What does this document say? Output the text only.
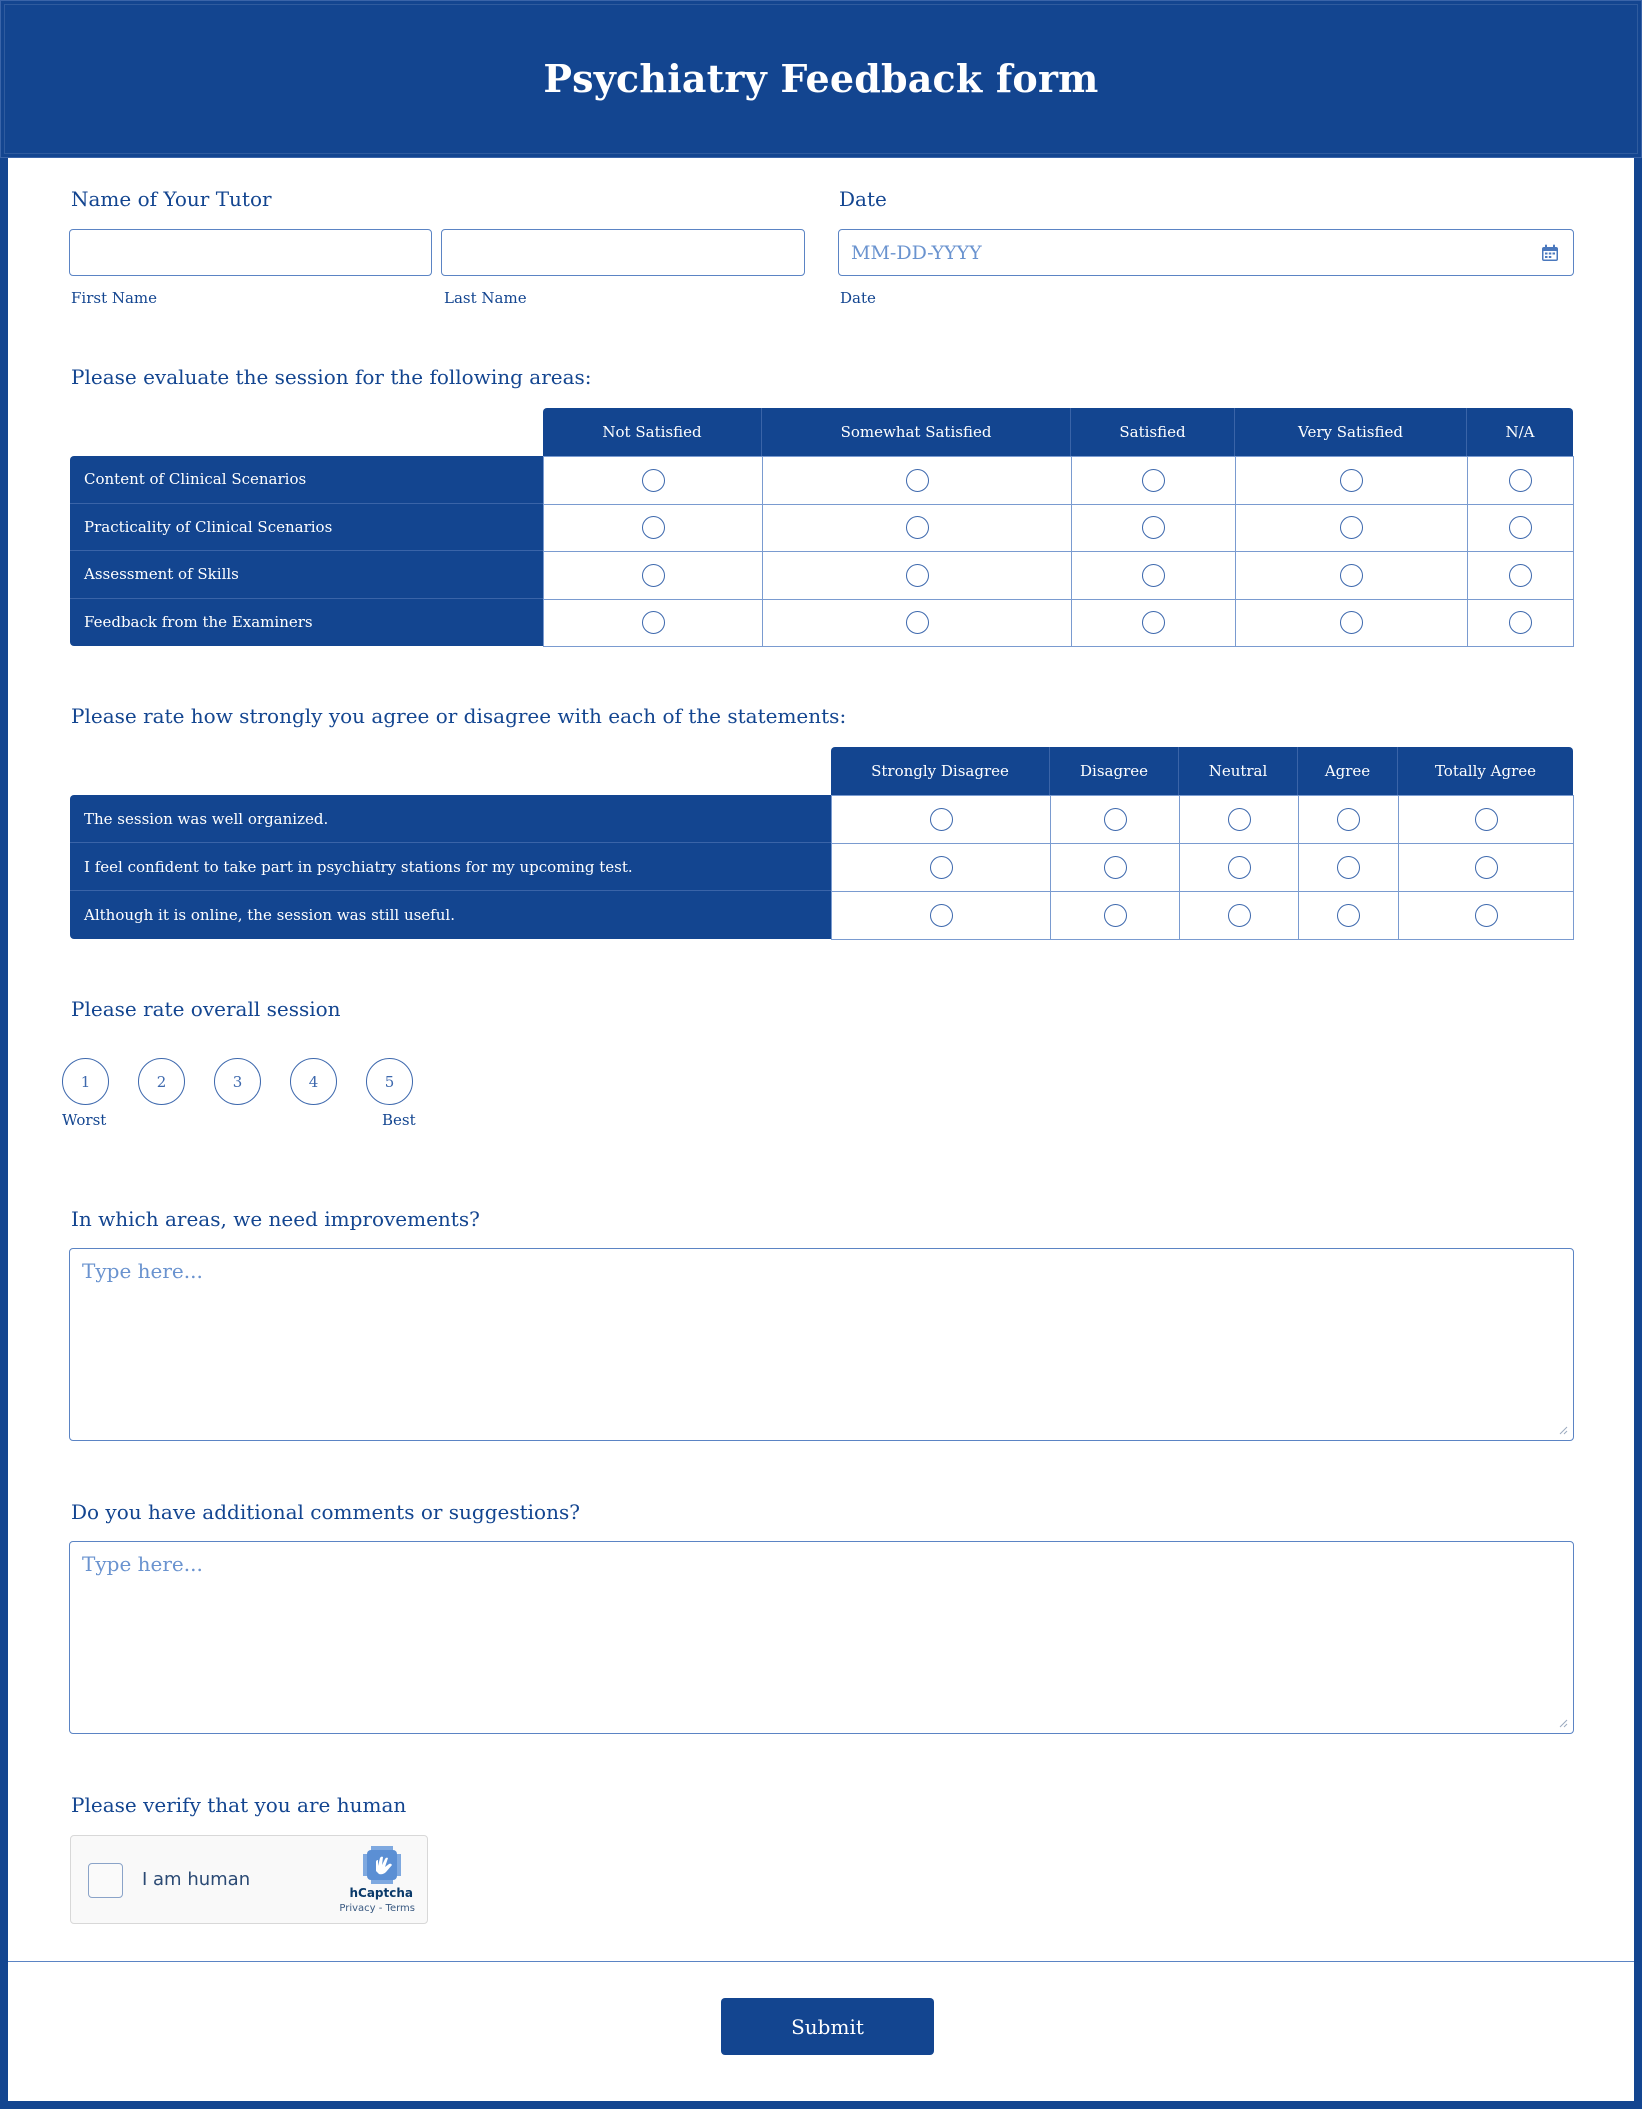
Psychiatry Feedback form
Name of Your Tutor
First Name	Last Name
Date
MM-DD-YYYY
Date
Please evaluate the session for the following areas:
Not Satisfied	Somewhat Satisfied	Satisfied	Very Satisfied	N/A
Content of Clinical Scenarios
Practicality of Clinical Scenarios
Assessment of Skills
Feedback from the Examiners
Please rate how strongly you agree or disagree with each of the statements:
Strongly Disagree	Disagree	Neutral	Agree	Totally Agree
The session was well organized.
I feel confident to take part in psychiatry stations for my upcoming test.
Although it is online, the session was still useful.
Please rate overall session
1	2	3	4	5
Worst	Best
In which areas, we need improvements?
Type here...
Do you have additional comments or suggestions?
Type here...
Please verify that you are human
I am human
hCaptcha
Privacy - Terms
Submit
